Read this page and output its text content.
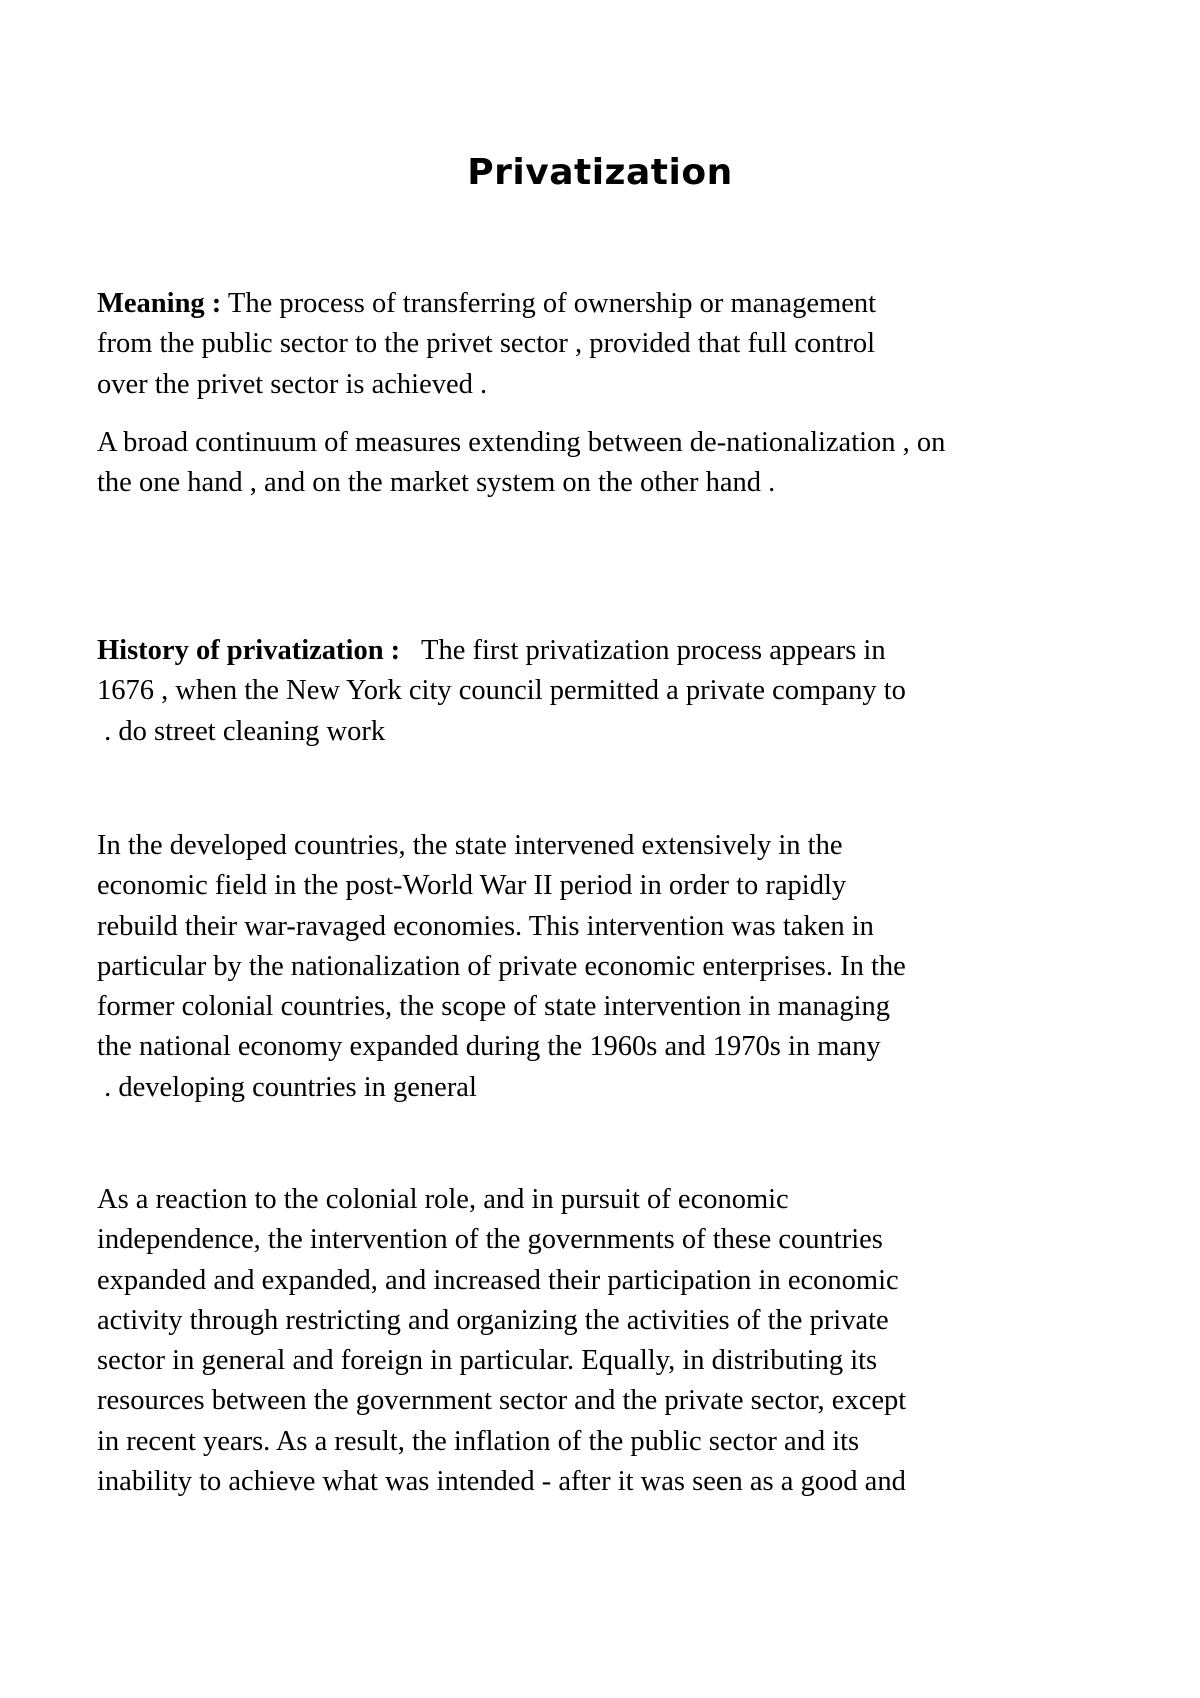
Privatization
Meaning : The process of transferring of ownership or management
from the public sector to the privet sector , provided that full control
over the privet sector is achieved .
A broad continuum of measures extending between de-nationalization , on
the one hand , and on the market system on the other hand .
History of privatization :   The first privatization process appears in
1676 , when the New York city council permitted a private company to
. do street cleaning work
In the developed countries, the state intervened extensively in the
economic field in the post-World War II period in order to rapidly
rebuild their war-ravaged economies. This intervention was taken in
particular by the nationalization of private economic enterprises. In the
former colonial countries, the scope of state intervention in managing
the national economy expanded during the 1960s and 1970s in many
. developing countries in general
As a reaction to the colonial role, and in pursuit of economic
independence, the intervention of the governments of these countries
expanded and expanded, and increased their participation in economic
activity through restricting and organizing the activities of the private
sector in general and foreign in particular. Equally, in distributing its
resources between the government sector and the private sector, except
in recent years. As a result, the inflation of the public sector and its
inability to achieve what was intended - after it was seen as a good and
